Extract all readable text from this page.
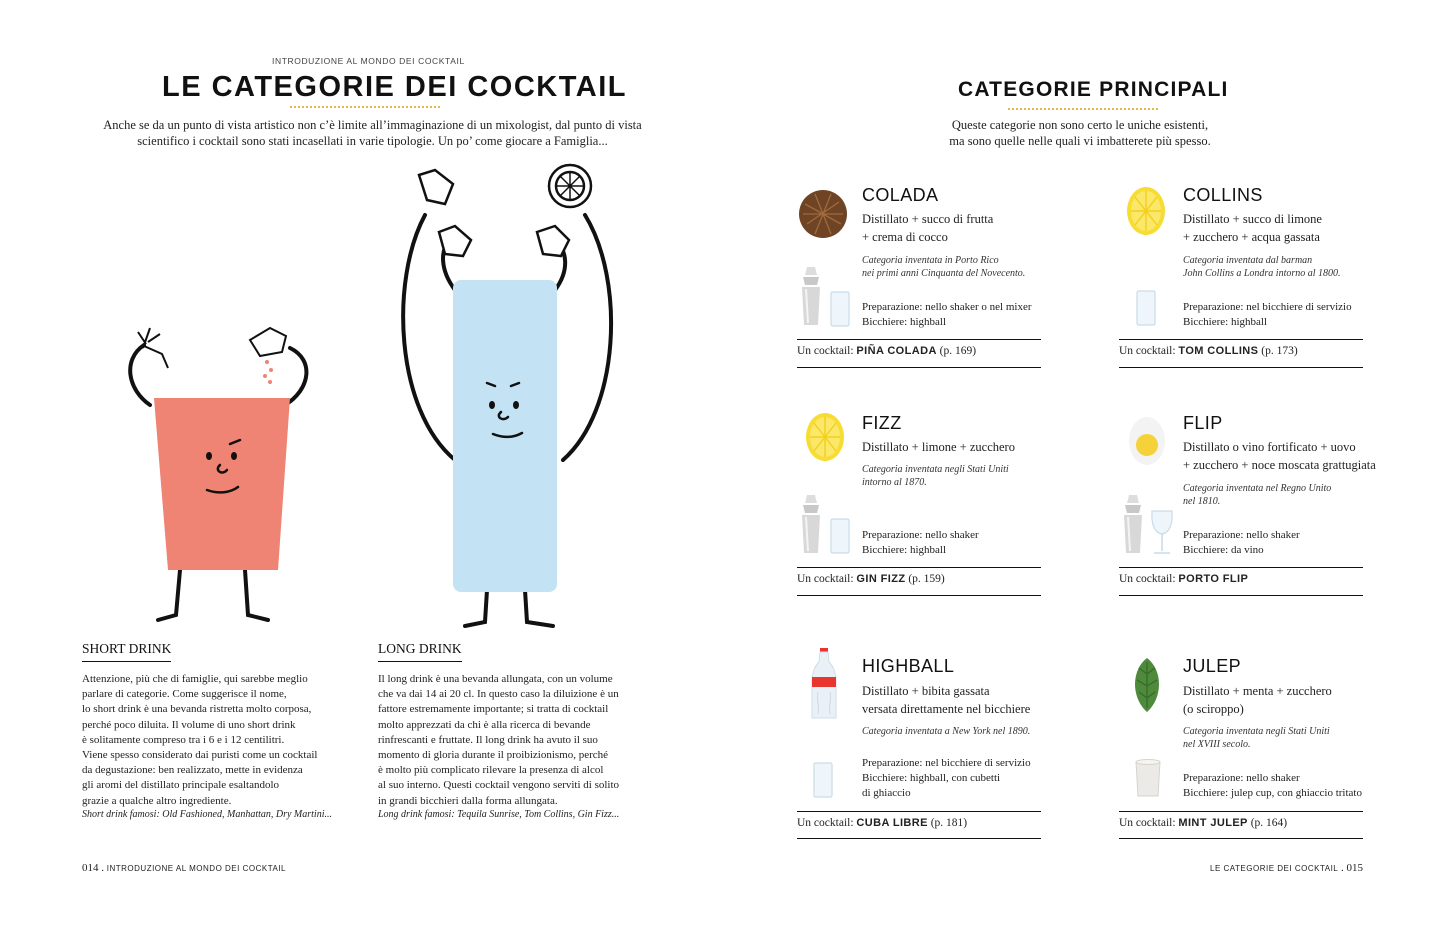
INTRODUZIONE AL MONDO DEI COCKTAIL
LE CATEGORIE DEI COCKTAIL
Anche se da un punto di vista artistico non c’è limite all’immaginazione di un mixologist, dal punto di vista
scientifico i cocktail sono stati incasellati in varie tipologie. Un po’ come giocare a Famiglia...
SHORT DRINK
Attenzione, più che di famiglie, qui sarebbe meglio
parlare di categorie. Come suggerisce il nome,
lo short drink è una bevanda ristretta molto corposa,
perché poco diluita. Il volume di uno short drink
è solitamente compreso tra i 6 e i 12 centilitri.
Viene spesso considerato dai puristi come un cocktail
da degustazione: ben realizzato, mette in evidenza
gli aromi del distillato principale esaltandolo
grazie a qualche altro ingrediente.
Short drink famosi: Old Fashioned, Manhattan, Dry Martini...
LONG DRINK
Il long drink è una bevanda allungata, con un volume
che va dai 14 ai 20 cl. In questo caso la diluizione è un
fattore estremamente importante; si tratta di cocktail
molto apprezzati da chi è alla ricerca di bevande
rinfrescanti e fruttate. Il long drink ha avuto il suo
momento di gloria durante il proibizionismo, perché
è molto più complicato rilevare la presenza di alcol
al suo interno. Questi cocktail vengono serviti di solito
in grandi bicchieri dalla forma allungata.
Long drink famosi: Tequila Sunrise, Tom Collins, Gin Fizz...
014 . INTRODUZIONE AL MONDO DEI COCKTAIL
CATEGORIE PRINCIPALI
Queste categorie non sono certo le uniche esistenti,
ma sono quelle nelle quali vi imbatterete più spesso.
COLADA
Distillato + succo di frutta
+ crema di cocco
Categoria inventata in Porto Rico
nei primi anni Cinquanta del Novecento.
Preparazione: nello shaker o nel mixer
Bicchiere: highball
Un cocktail: PIÑA COLADA (p. 169)
COLLINS
Distillato + succo di limone
+ zucchero + acqua gassata
Categoria inventata dal barman
John Collins a Londra intorno al 1800.
Preparazione: nel bicchiere di servizio
Bicchiere: highball
Un cocktail: TOM COLLINS (p. 173)
FIZZ
Distillato + limone + zucchero
Categoria inventata negli Stati Uniti
intorno al 1870.
Preparazione: nello shaker
Bicchiere: highball
Un cocktail: GIN FIZZ (p. 159)
FLIP
Distillato o vino fortificato + uovo
+ zucchero + noce moscata grattugiata
Categoria inventata nel Regno Unito
nel 1810.
Preparazione: nello shaker
Bicchiere: da vino
Un cocktail: PORTO FLIP
HIGHBALL
Distillato + bibita gassata
versata direttamente nel bicchiere
Categoria inventata a New York nel 1890.
Preparazione: nel bicchiere di servizio
Bicchiere: highball, con cubetti
di ghiaccio
Un cocktail: CUBA LIBRE (p. 181)
JULEP
Distillato + menta + zucchero
(o sciroppo)
Categoria inventata negli Stati Uniti
nel XVIII secolo.
Preparazione: nello shaker
Bicchiere: julep cup, con ghiaccio tritato
Un cocktail: MINT JULEP (p. 164)
LE CATEGORIE DEI COCKTAIL . 015
